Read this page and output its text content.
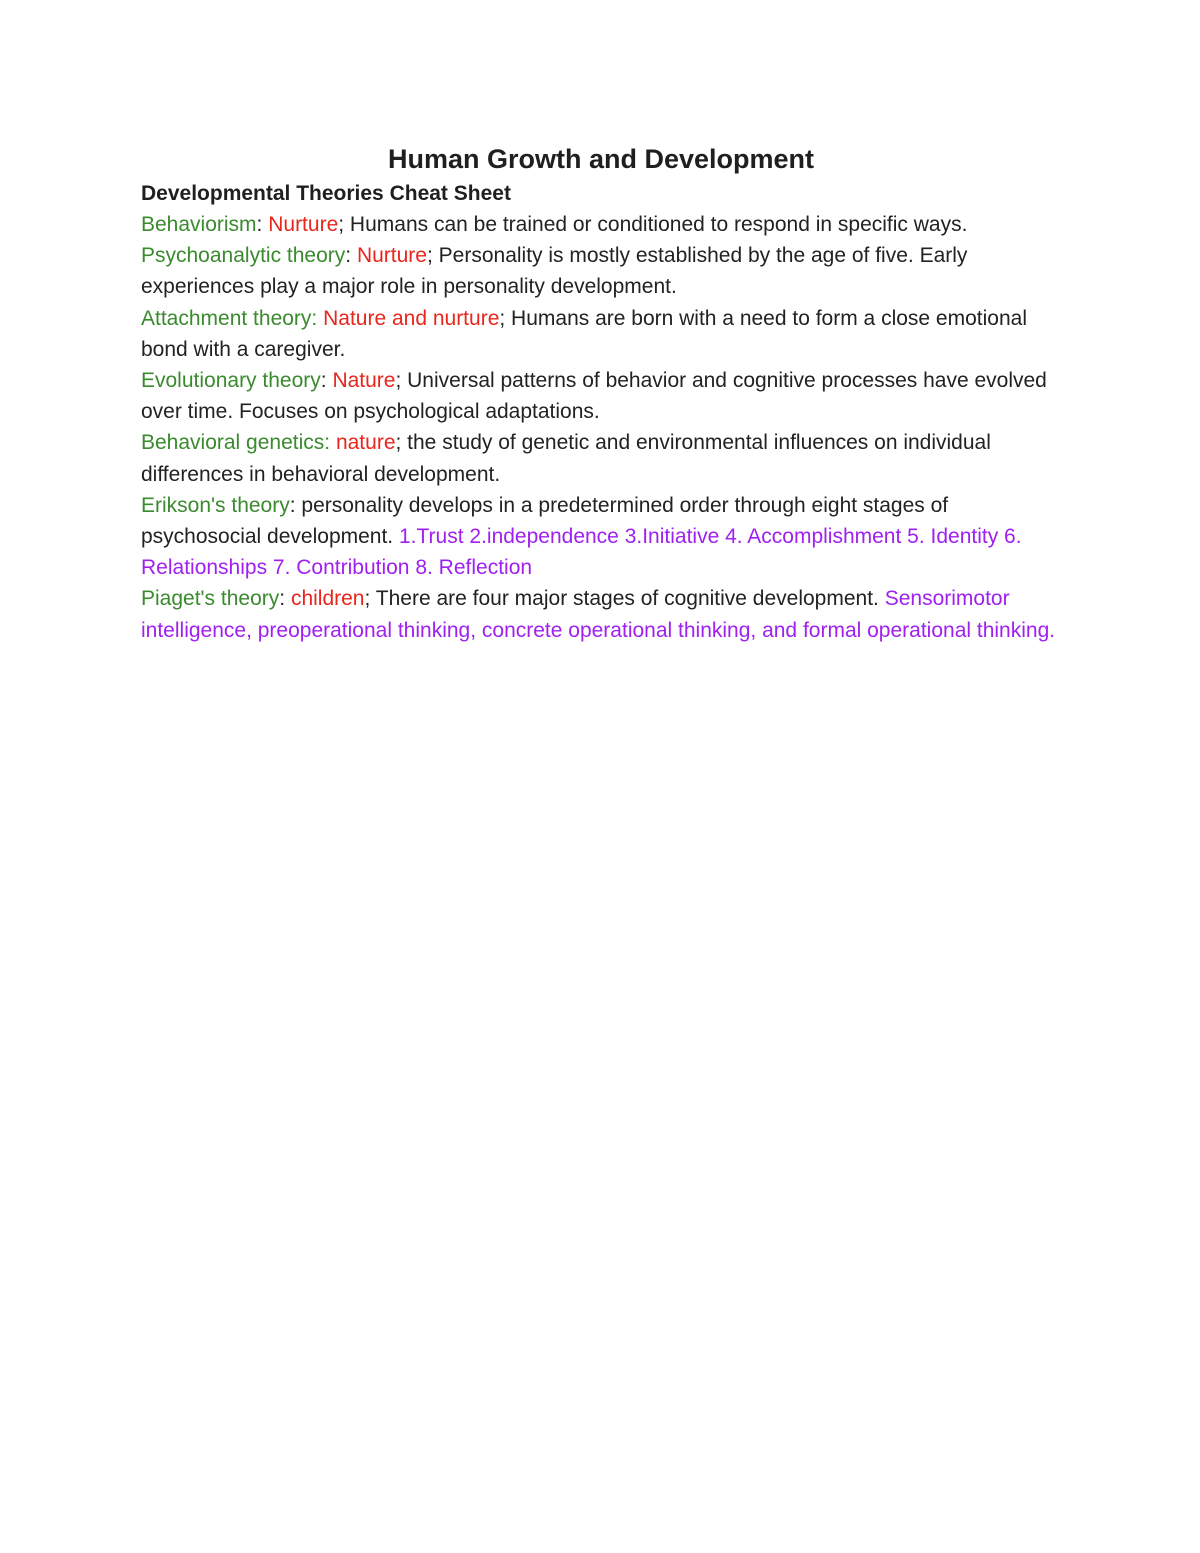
Human Growth and Development
Developmental Theories Cheat Sheet

Behaviorism: Nurture; Humans can be trained or conditioned to respond in specific ways.

Psychoanalytic theory: Nurture; Personality is mostly established by the age of five. Early experiences play a major role in personality development.

Attachment theory: Nature and nurture; Humans are born with a need to form a close emotional bond with a caregiver.

Evolutionary theory: Nature; Universal patterns of behavior and cognitive processes have evolved over time. Focuses on psychological adaptations.

Behavioral genetics: nature; the study of genetic and environmental influences on individual differences in behavioral development.

Erikson's theory: personality develops in a predetermined order through eight stages of psychosocial development. 1.Trust 2.independence 3.Initiative 4. Accomplishment 5. Identity 6. Relationships 7. Contribution 8. Reflection

Piaget's theory: children; There are four major stages of cognitive development. Sensorimotor intelligence, preoperational thinking, concrete operational thinking, and formal operational thinking.
